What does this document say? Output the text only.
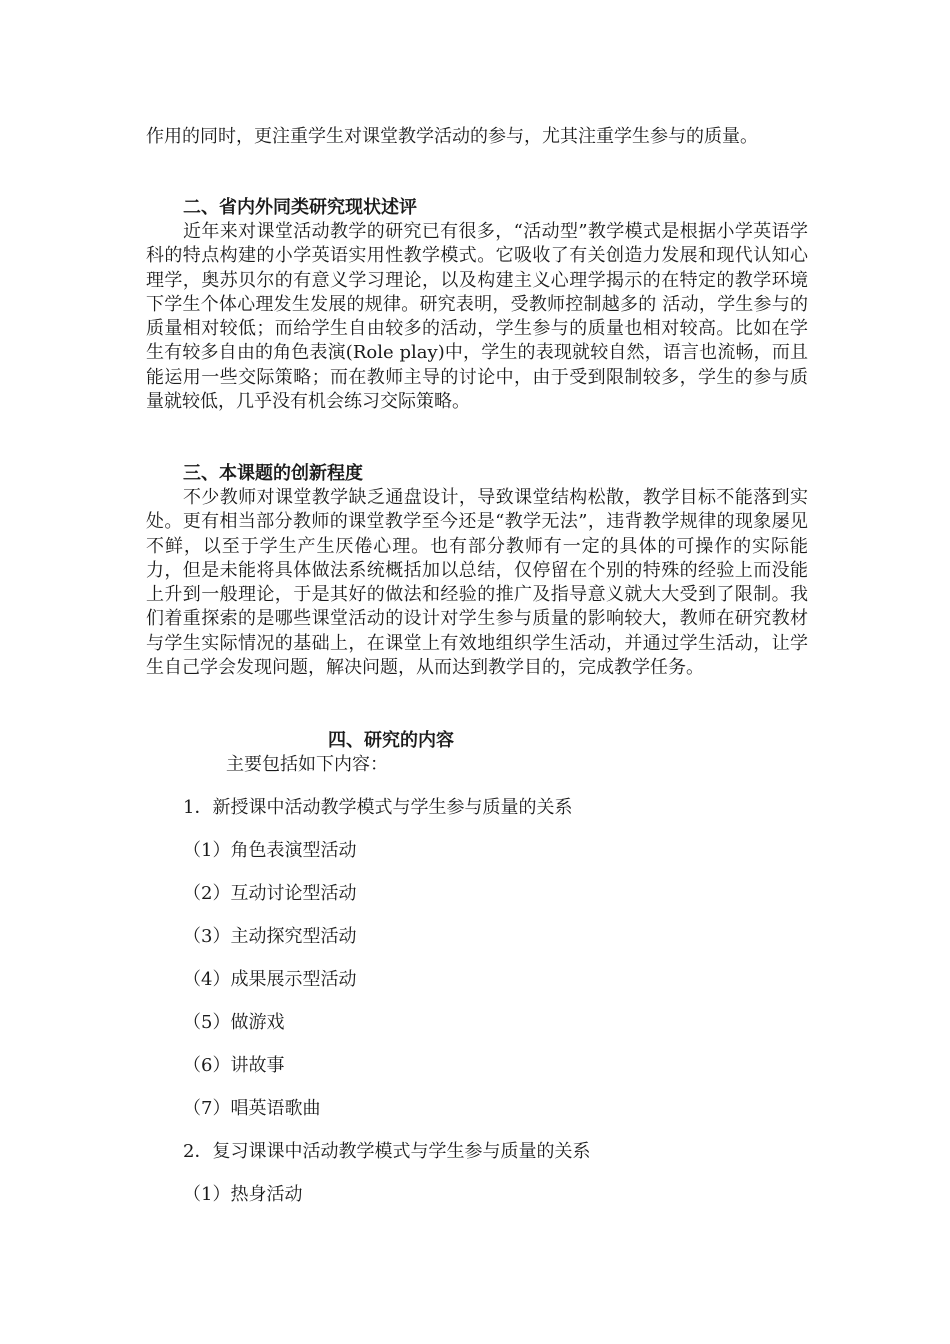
作用的同时，更注重学生对课堂教学活动的参与，尤其注重学生参与的质量。

二、省内外同类研究现状述评

近年来对课堂活动教学的研究已有很多，“活动型”教学模式是根据小学英语学科的特点构建的小学英语实用性教学模式。它吸收了有关创造力发展和现代认知心理学，奥苏贝尔的有意义学习理论，以及构建主义心理学揭示的在特定的教学环境下学生个体心理发生发展的规律。研究表明，受教师控制越多的 活动，学生参与的质量相对较低；而给学生自由较多的活动，学生参与的质量也相对较高。比如在学生有较多自由的角色表演(Role play)中，学生的表现就较自然，语言也流畅，而且能运用一些交际策略；而在教师主导的讨论中，由于受到限制较多，学生的参与质量就较低，几乎没有机会练习交际策略。

三、本课题的创新程度

不少教师对课堂教学缺乏通盘设计，导致课堂结构松散，教学目标不能落到实处。更有相当部分教师的课堂教学至今还是“教学无法”，违背教学规律的现象屡见不鲜，以至于学生产生厌倦心理。也有部分教师有一定的具体的可操作的实际能力，但是未能将具体做法系统概括加以总结，仅停留在个别的特殊的经验上而没能上升到一般理论，于是其好的做法和经验的推广及指导意义就大大受到了限制。我们着重探索的是哪些课堂活动的设计对学生参与质量的影响较大，教师在研究教材与学生实际情况的基础上，在课堂上有效地组织学生活动，并通过学生活动，让学生自己学会发现问题，解决问题，从而达到教学目的，完成教学任务。

四、研究的内容

主要包括如下内容：

1．新授课中活动教学模式与学生参与质量的关系

（1）角色表演型活动

（2）互动讨论型活动

（3）主动探究型活动

（4）成果展示型活动

（5）做游戏

（6）讲故事

（7）唱英语歌曲

2．复习课课中活动教学模式与学生参与质量的关系

（1）热身活动
